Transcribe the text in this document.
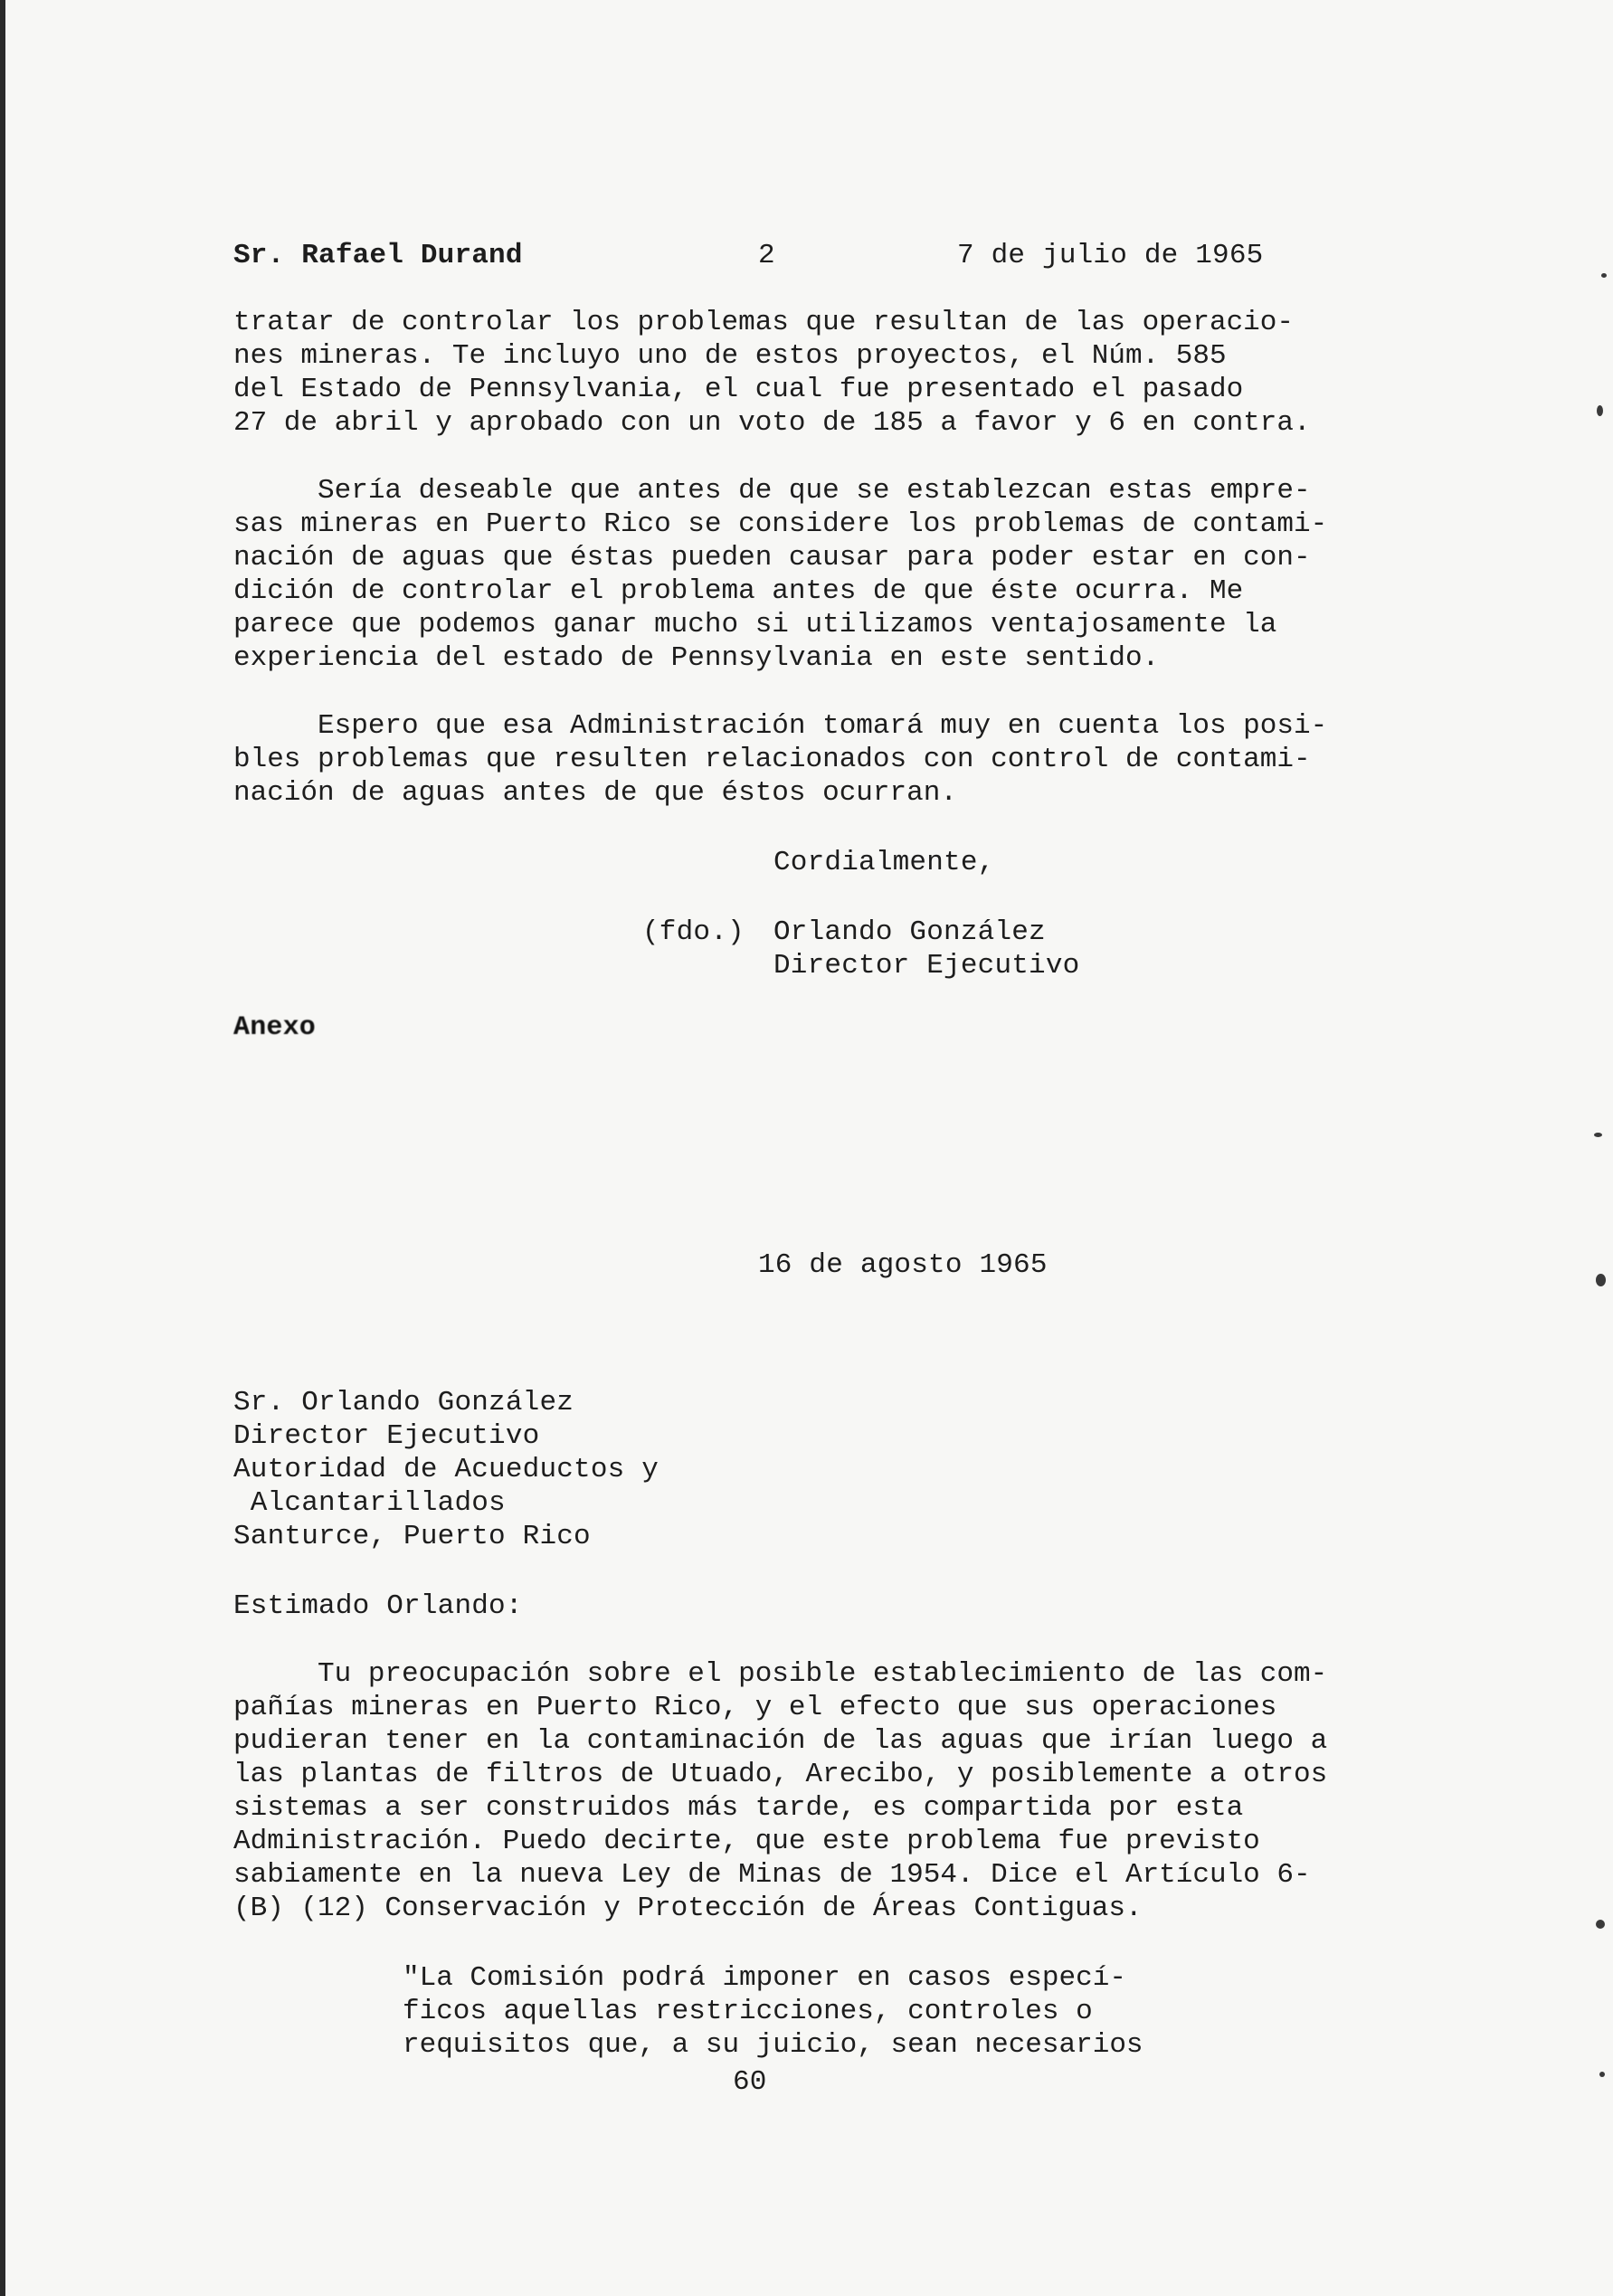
Sr. Rafael Durand	2	7 de julio de 1965
tratar de controlar los problemas que resultan de las operacio-
nes mineras. Te incluyo uno de estos proyectos, el Núm. 585
del Estado de Pennsylvania, el cual fue presentado el pasado
27 de abril y aprobado con un voto de 185 a favor y 6 en contra.
Sería deseable que antes de que se establezcan estas empre-
sas mineras en Puerto Rico se considere los problemas de contami-
nación de aguas que éstas pueden causar para poder estar en con-
dición de controlar el problema antes de que éste ocurra. Me
parece que podemos ganar mucho si utilizamos ventajosamente la
experiencia del estado de Pennsylvania en este sentido.
Espero que esa Administración tomará muy en cuenta los posi-
bles problemas que resulten relacionados con control de contami-
nación de aguas antes de que éstos ocurran.
Cordialmente,
(fdo.) Orlando González
Director Ejecutivo
Anexo
16 de agosto 1965
Sr. Orlando González
Director Ejecutivo
Autoridad de Acueductos y
Alcantarillados
Santurce, Puerto Rico
Estimado Orlando:
Tu preocupación sobre el posible establecimiento de las com-
pañías mineras en Puerto Rico, y el efecto que sus operaciones
pudieran tener en la contaminación de las aguas que irían luego a
las plantas de filtros de Utuado, Arecibo, y posiblemente a otros
sistemas a ser construidos más tarde, es compartida por esta
Administración. Puedo decirte, que este problema fue previsto
sabiamente en la nueva Ley de Minas de 1954. Dice el Artículo 6-
(B) (12) Conservación y Protección de Áreas Contiguas.
"La Comisión podrá imponer en casos especí-
ficos aquellas restricciones, controles o
requisitos que, a su juicio, sean necesarios
60
